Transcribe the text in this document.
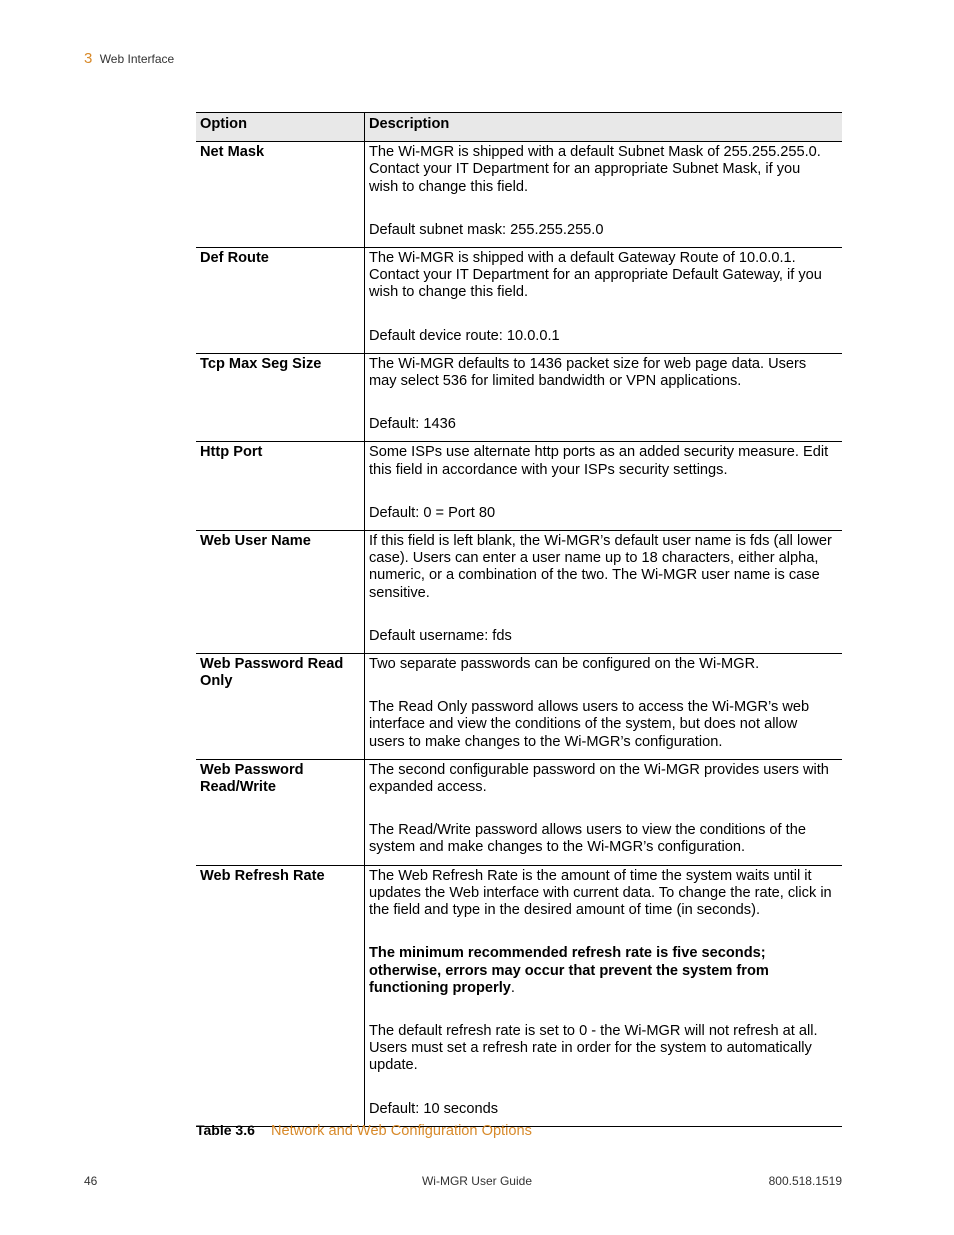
3 Web Interface
Option	Description
Net Mask	The Wi-MGR is shipped with a default Subnet Mask of 255.255.255.0. Contact your IT Department for an appropriate Subnet Mask, if you wish to change this field.

Default subnet mask: 255.255.255.0

Def Route	The Wi-MGR is shipped with a default Gateway Route of 10.0.0.1. Contact your IT Department for an appropriate Default Gateway, if you wish to change this field.

Default device route: 10.0.0.1

Tcp Max Seg Size	The Wi-MGR defaults to 1436 packet size for web page data. Users may select 536 for limited bandwidth or VPN applications.

Default: 1436

Http Port	Some ISPs use alternate http ports as an added security measure. Edit this field in accordance with your ISPs security settings.

Default: 0 = Port 80

Web User Name	If this field is left blank, the Wi-MGR’s default user name is fds (all lower case). Users can enter a user name up to 18 characters, either alpha, numeric, or a combination of the two. The Wi-MGR user name is case sensitive.

Default username: fds

Web Password Read Only	Two separate passwords can be configured on the Wi-MGR.

The Read Only password allows users to access the Wi-MGR’s web interface and view the conditions of the system, but does not allow users to make changes to the Wi-MGR’s configuration.

Web Password Read/Write	The second configurable password on the Wi-MGR provides users with expanded access.

The Read/Write password allows users to view the conditions of the system and make changes to the Wi-MGR’s configuration.

Web Refresh Rate	The Web Refresh Rate is the amount of time the system waits until it updates the Web interface with current data. To change the rate, click in the field and type in the desired amount of time (in seconds).

The minimum recommended refresh rate is five seconds; otherwise, errors may occur that prevent the system from functioning properly.

The default refresh rate is set to 0 - the Wi-MGR will not refresh at all. Users must set a refresh rate in order for the system to automatically update.

Default: 10 seconds

Table 3.6 Network and Web Configuration Options
46	Wi-MGR User Guide	800.518.1519
